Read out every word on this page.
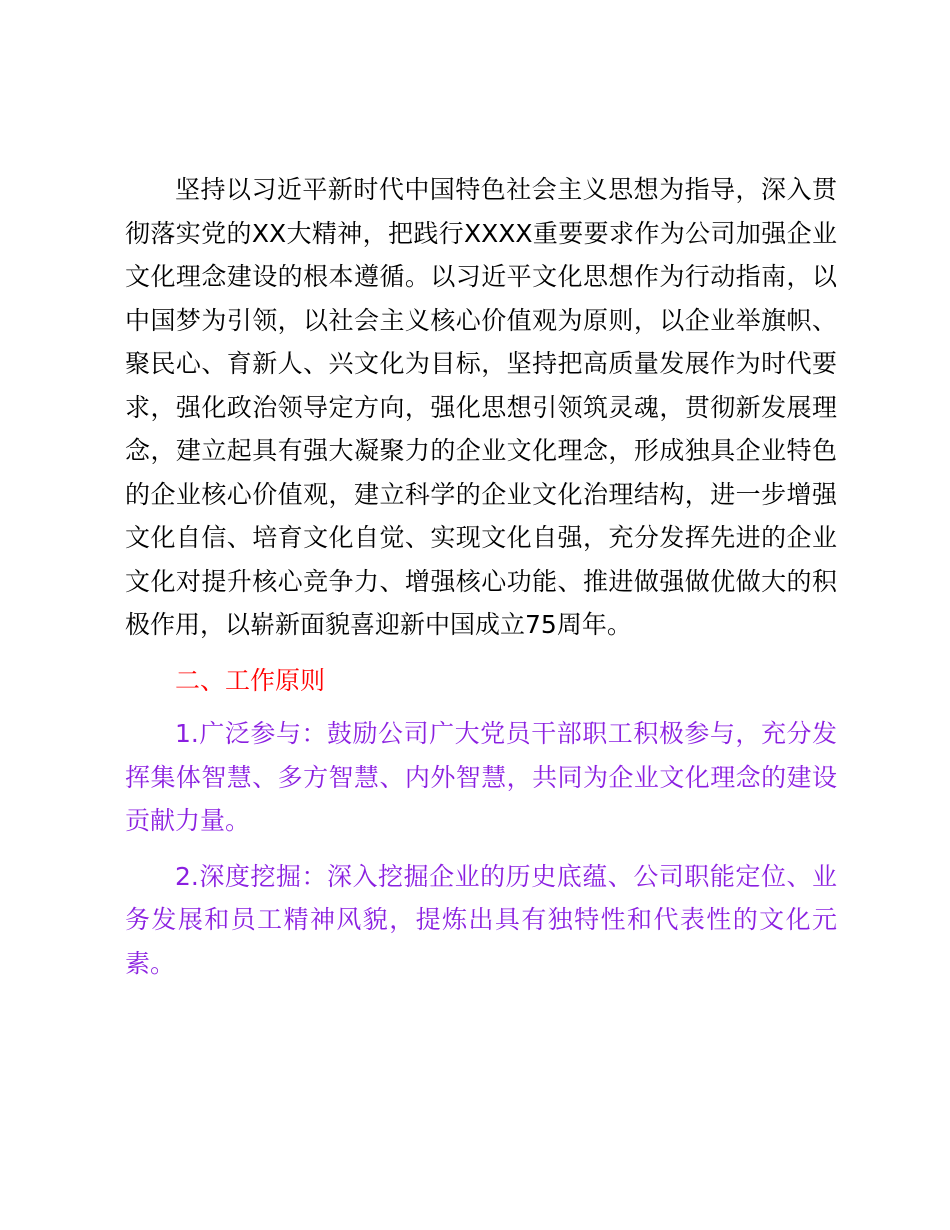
坚持以习近平新时代中国特色社会主义思想为指导，深入贯彻落实党的XX大精神，把践行XXXX重要要求作为公司加强企业文化理念建设的根本遵循。以习近平文化思想作为行动指南，以中国梦为引领，以社会主义核心价值观为原则，以企业举旗帜、聚民心、育新人、兴文化为目标，坚持把高质量发展作为时代要求，强化政治领导定方向，强化思想引领筑灵魂，贯彻新发展理念，建立起具有强大凝聚力的企业文化理念，形成独具企业特色的企业核心价值观，建立科学的企业文化治理结构，进一步增强文化自信、培育文化自觉、实现文化自强，充分发挥先进的企业文化对提升核心竞争力、增强核心功能、推进做强做优做大的积极作用，以崭新面貌喜迎新中国成立75周年。

二、工作原则

1.广泛参与：鼓励公司广大党员干部职工积极参与，充分发挥集体智慧、多方智慧、内外智慧，共同为企业文化理念的建设贡献力量。

2.深度挖掘：深入挖掘企业的历史底蕴、公司职能定位、业务发展和员工精神风貌，提炼出具有独特性和代表性的文化元素。
